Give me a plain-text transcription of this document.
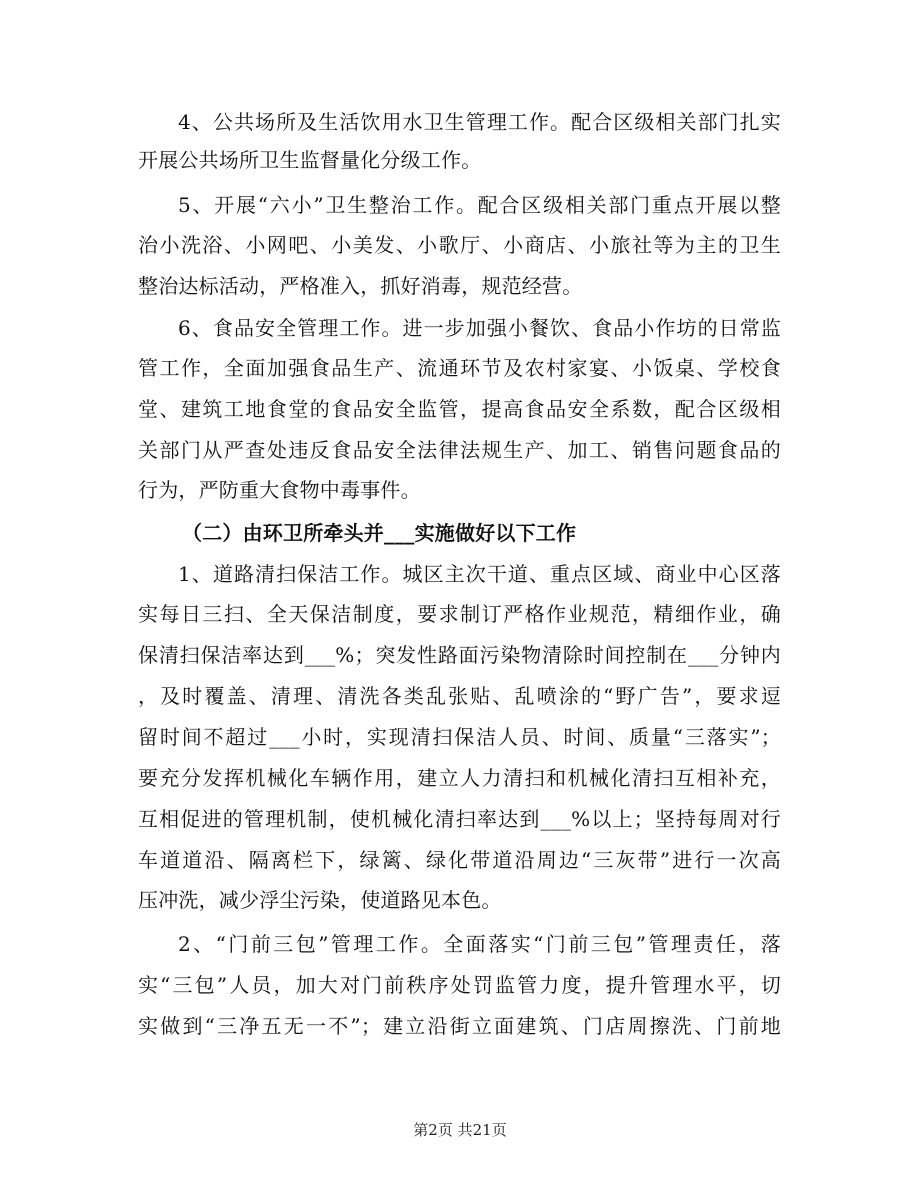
4、公共场所及生活饮用水卫生管理工作。配合区级相关部门扎实
开展公共场所卫生监督量化分级工作。
5、开展“六小”卫生整治工作。配合区级相关部门重点开展以整
治小洗浴、小网吧、小美发、小歌厅、小商店、小旅社等为主的卫生
整治达标活动，严格准入，抓好消毒，规范经营。
6、食品安全管理工作。进一步加强小餐饮、食品小作坊的日常监
管工作，全面加强食品生产、流通环节及农村家宴、小饭桌、学校食
堂、建筑工地食堂的食品安全监管，提高食品安全系数，配合区级相
关部门从严查处违反食品安全法律法规生产、加工、销售问题食品的
行为，严防重大食物中毒事件。
（二）由环卫所牵头并___实施做好以下工作
1、道路清扫保洁工作。城区主次干道、重点区域、商业中心区落
实每日三扫、全天保洁制度，要求制订严格作业规范，精细作业，确
保清扫保洁率达到___%；突发性路面污染物清除时间控制在___分钟内
，及时覆盖、清理、清洗各类乱张贴、乱喷涂的“野广告”，要求逗
留时间不超过___小时，实现清扫保洁人员、时间、质量“三落实”；
要充分发挥机械化车辆作用，建立人力清扫和机械化清扫互相补充，
互相促进的管理机制，使机械化清扫率达到___%以上；坚持每周对行
车道道沿、隔离栏下，绿篱、绿化带道沿周边“三灰带”进行一次高
压冲洗，减少浮尘污染，使道路见本色。
2、“门前三包”管理工作。全面落实“门前三包”管理责任，落
实“三包”人员，加大对门前秩序处罚监管力度，提升管理水平，切
实做到“三净五无一不”；建立沿街立面建筑、门店周擦洗、门前地
第2页 共21页
